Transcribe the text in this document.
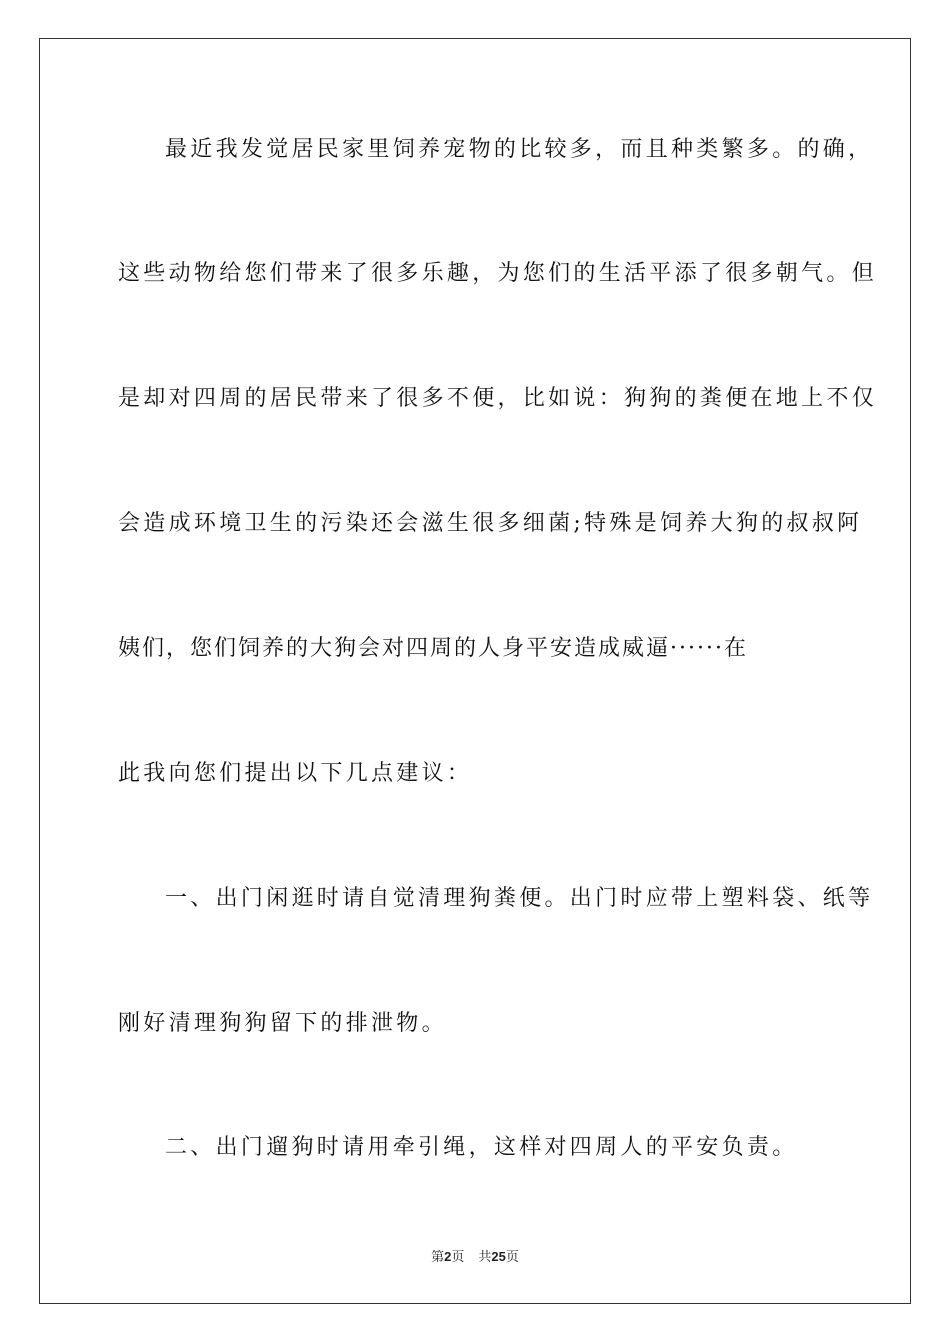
最近我发觉居民家里饲养宠物的比较多，而且种类繁多。的确，
这些动物给您们带来了很多乐趣，为您们的生活平添了很多朝气。但
是却对四周的居民带来了很多不便，比如说：狗狗的粪便在地上不仅
会造成环境卫生的污染还会滋生很多细菌;特殊是饲养大狗的叔叔阿
姨们，您们饲养的大狗会对四周的人身平安造成威逼······在
此我向您们提出以下几点建议：
一、出门闲逛时请自觉清理狗粪便。出门时应带上塑料袋、纸等
刚好清理狗狗留下的排泄物。
二、出门遛狗时请用牵引绳，这样对四周人的平安负责。
第2页 共25页
